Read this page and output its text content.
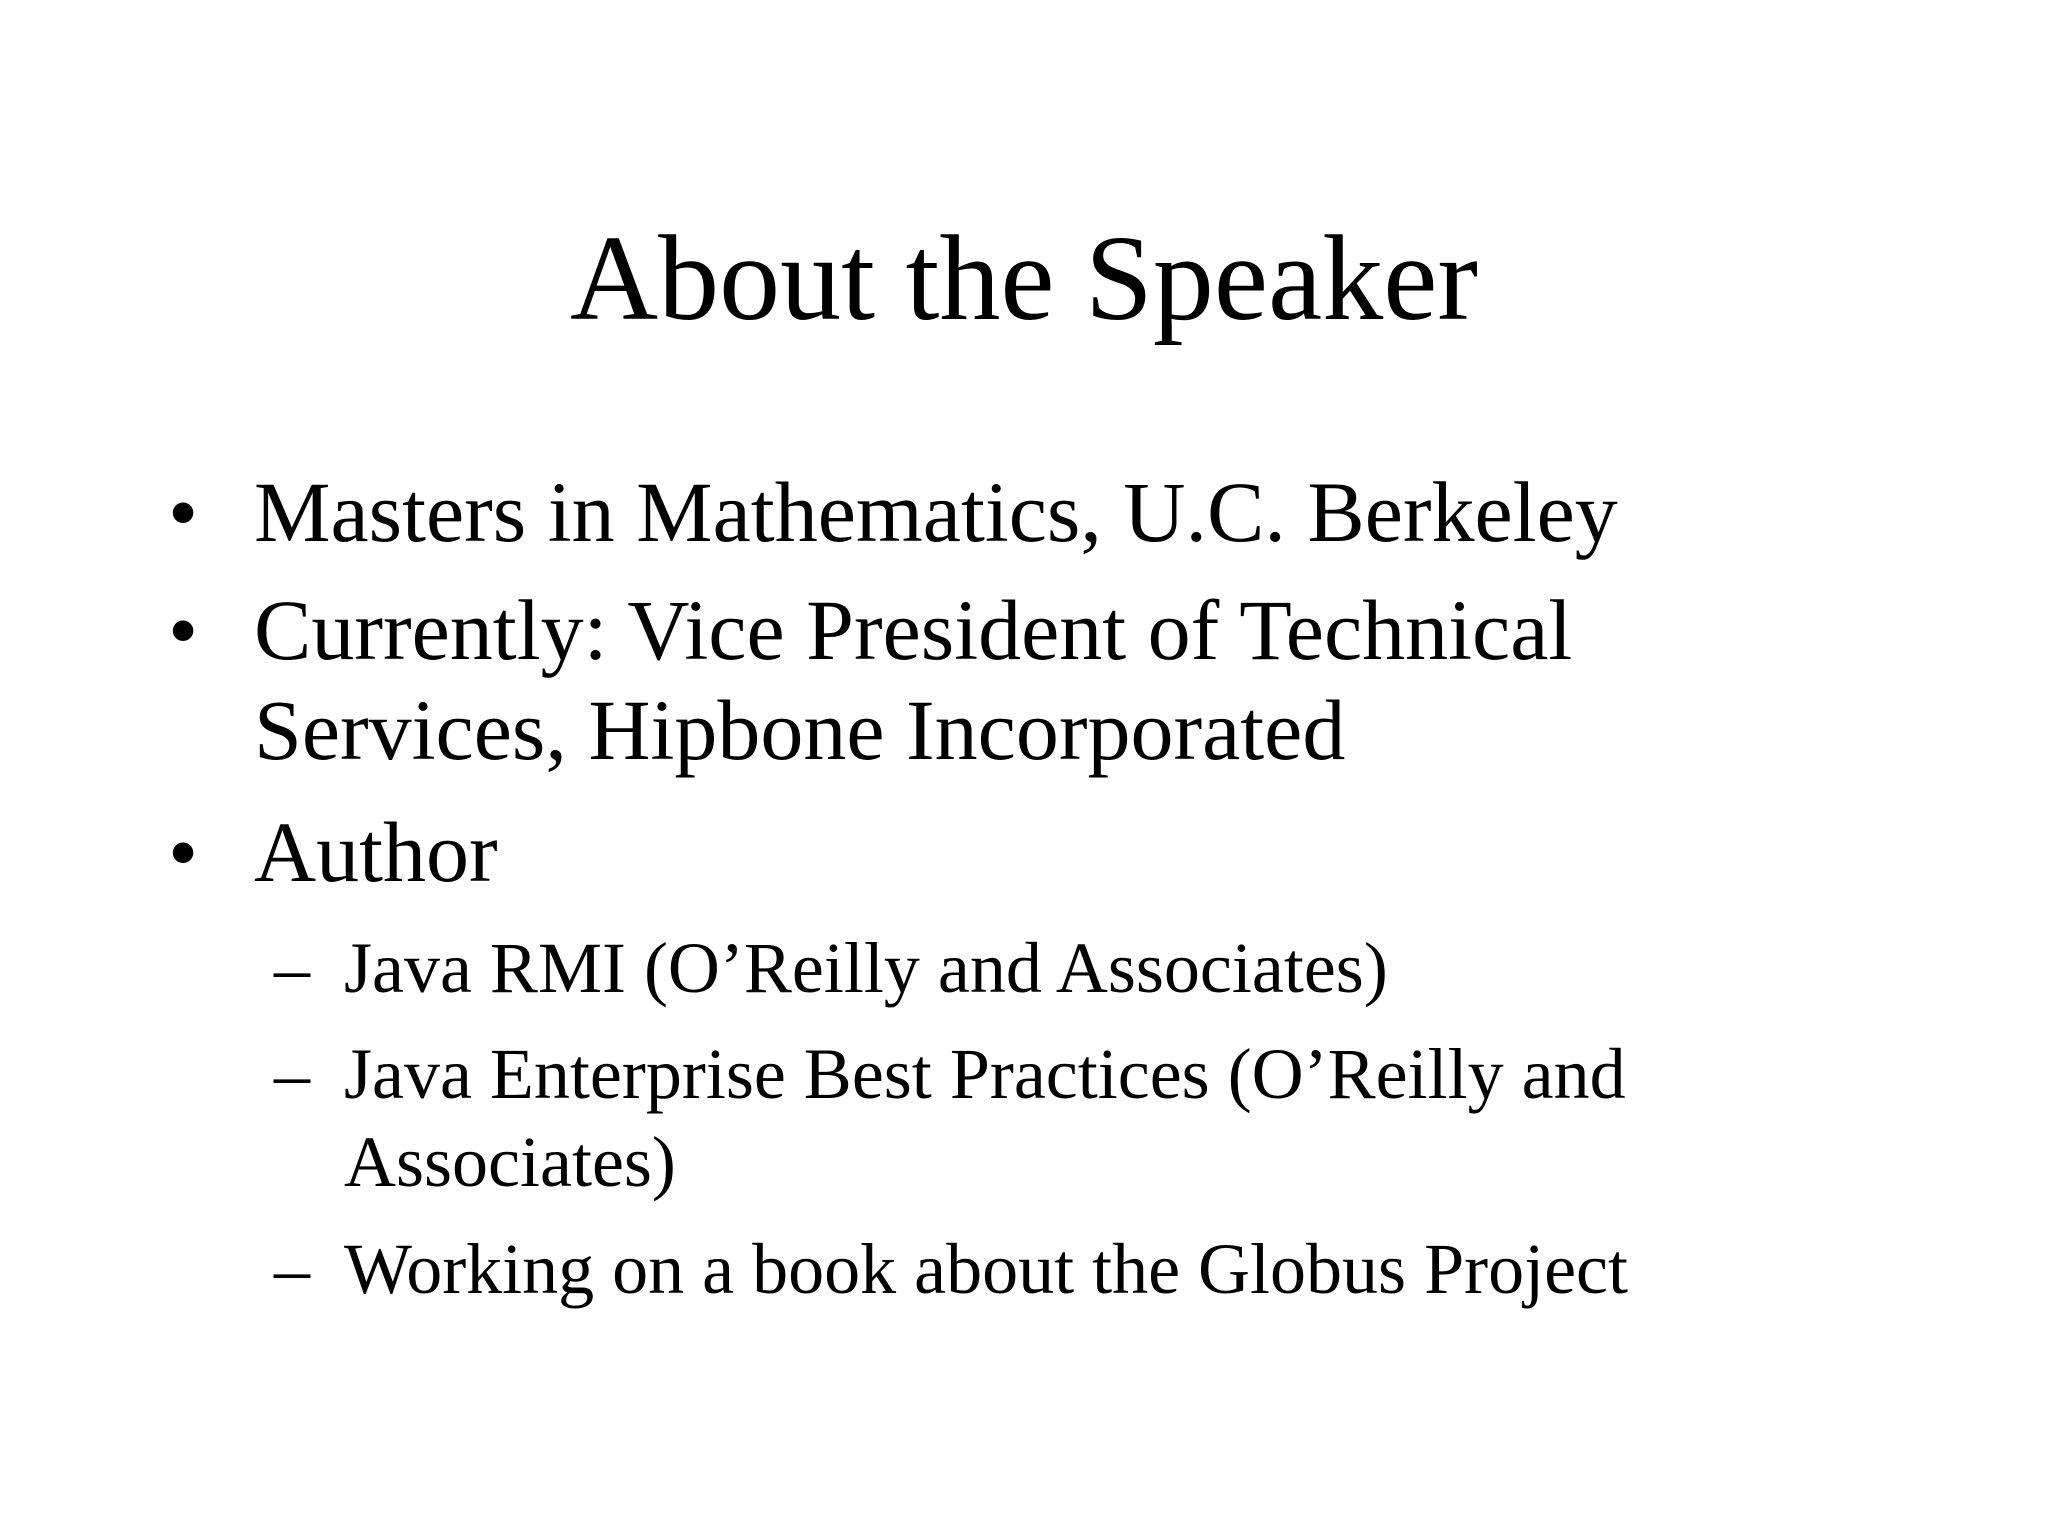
About the Speaker
• Masters in Mathematics, U.C. Berkeley
• Currently: Vice President of Technical
Services, Hipbone Incorporated
• Author
– Java RMI (O’Reilly and Associates)
– Java Enterprise Best Practices (O’Reilly and
Associates)
– Working on a book about the Globus Project
